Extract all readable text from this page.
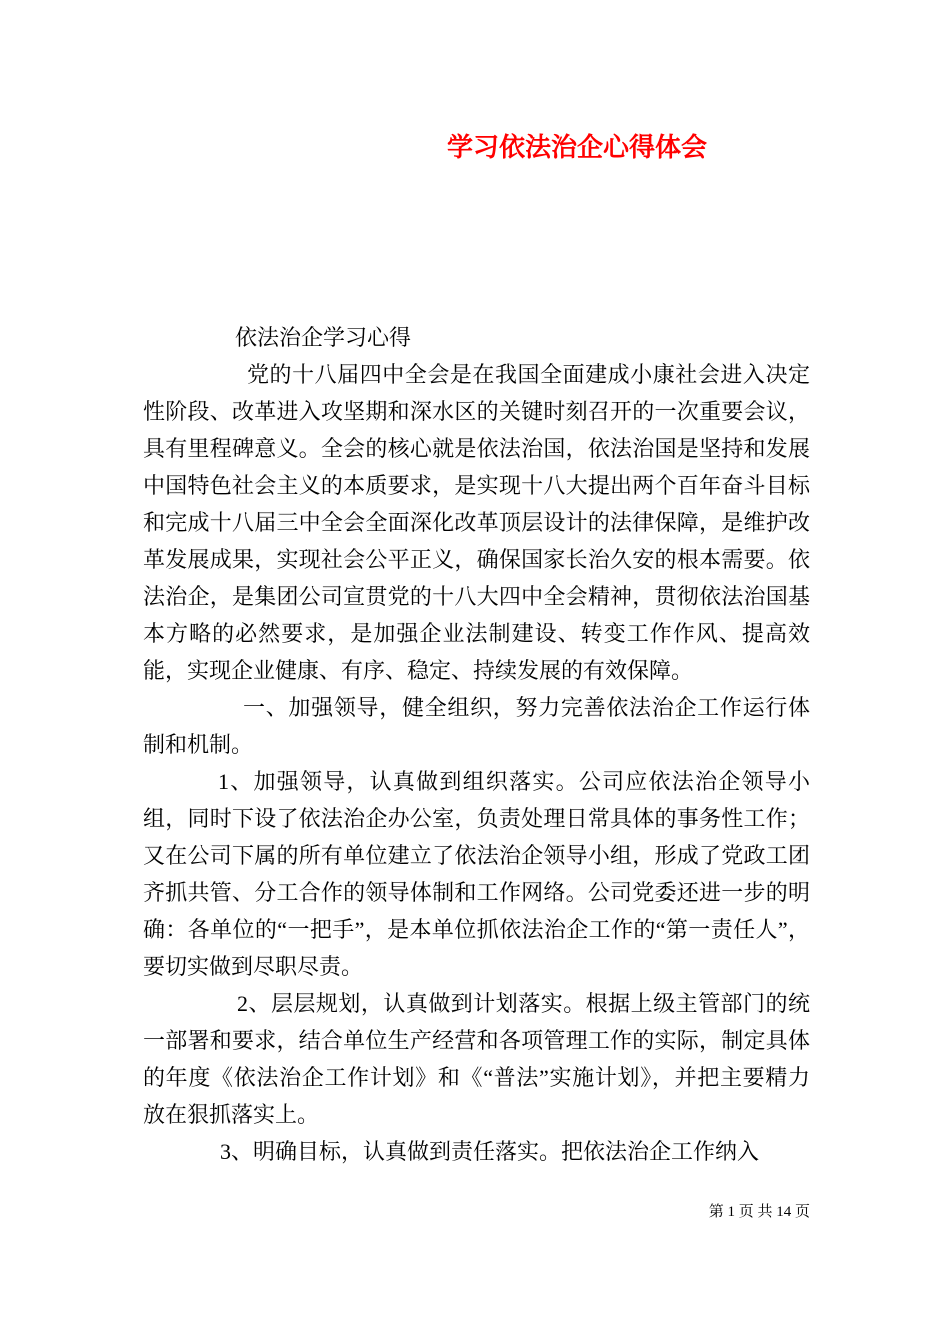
学习依法治企心得体会

依法治企学习心得

党的十八届四中全会是在我国全面建成小康社会进入决定性阶段、改革进入攻坚期和深水区的关键时刻召开的一次重要会议，具有里程碑意义。全会的核心就是依法治国，依法治国是坚持和发展中国特色社会主义的本质要求，是实现十八大提出两个百年奋斗目标和完成十八届三中全会全面深化改革顶层设计的法律保障，是维护改革发展成果，实现社会公平正义，确保国家长治久安的根本需要。依法治企，是集团公司宣贯党的十八大四中全会精神，贯彻依法治国基本方略的必然要求，是加强企业法制建设、转变工作作风、提高效能，实现企业健康、有序、稳定、持续发展的有效保障。

一、加强领导，健全组织，努力完善依法治企工作运行体制和机制。

1、加强领导，认真做到组织落实。公司应依法治企领导小组，同时下设了依法治企办公室，负责处理日常具体的事务性工作；又在公司下属的所有单位建立了依法治企领导小组，形成了党政工团齐抓共管、分工合作的领导体制和工作网络。公司党委还进一步的明确：各单位的“一把手”，是本单位抓依法治企工作的“第一责任人”，要切实做到尽职尽责。

2、层层规划，认真做到计划落实。根据上级主管部门的统一部署和要求，结合单位生产经营和各项管理工作的实际，制定具体的年度《依法治企工作计划》和《“普法”实施计划》，并把主要精力放在狠抓落实上。

3、明确目标，认真做到责任落实。把依法治企工作纳入

第 1 页 共 14 页
